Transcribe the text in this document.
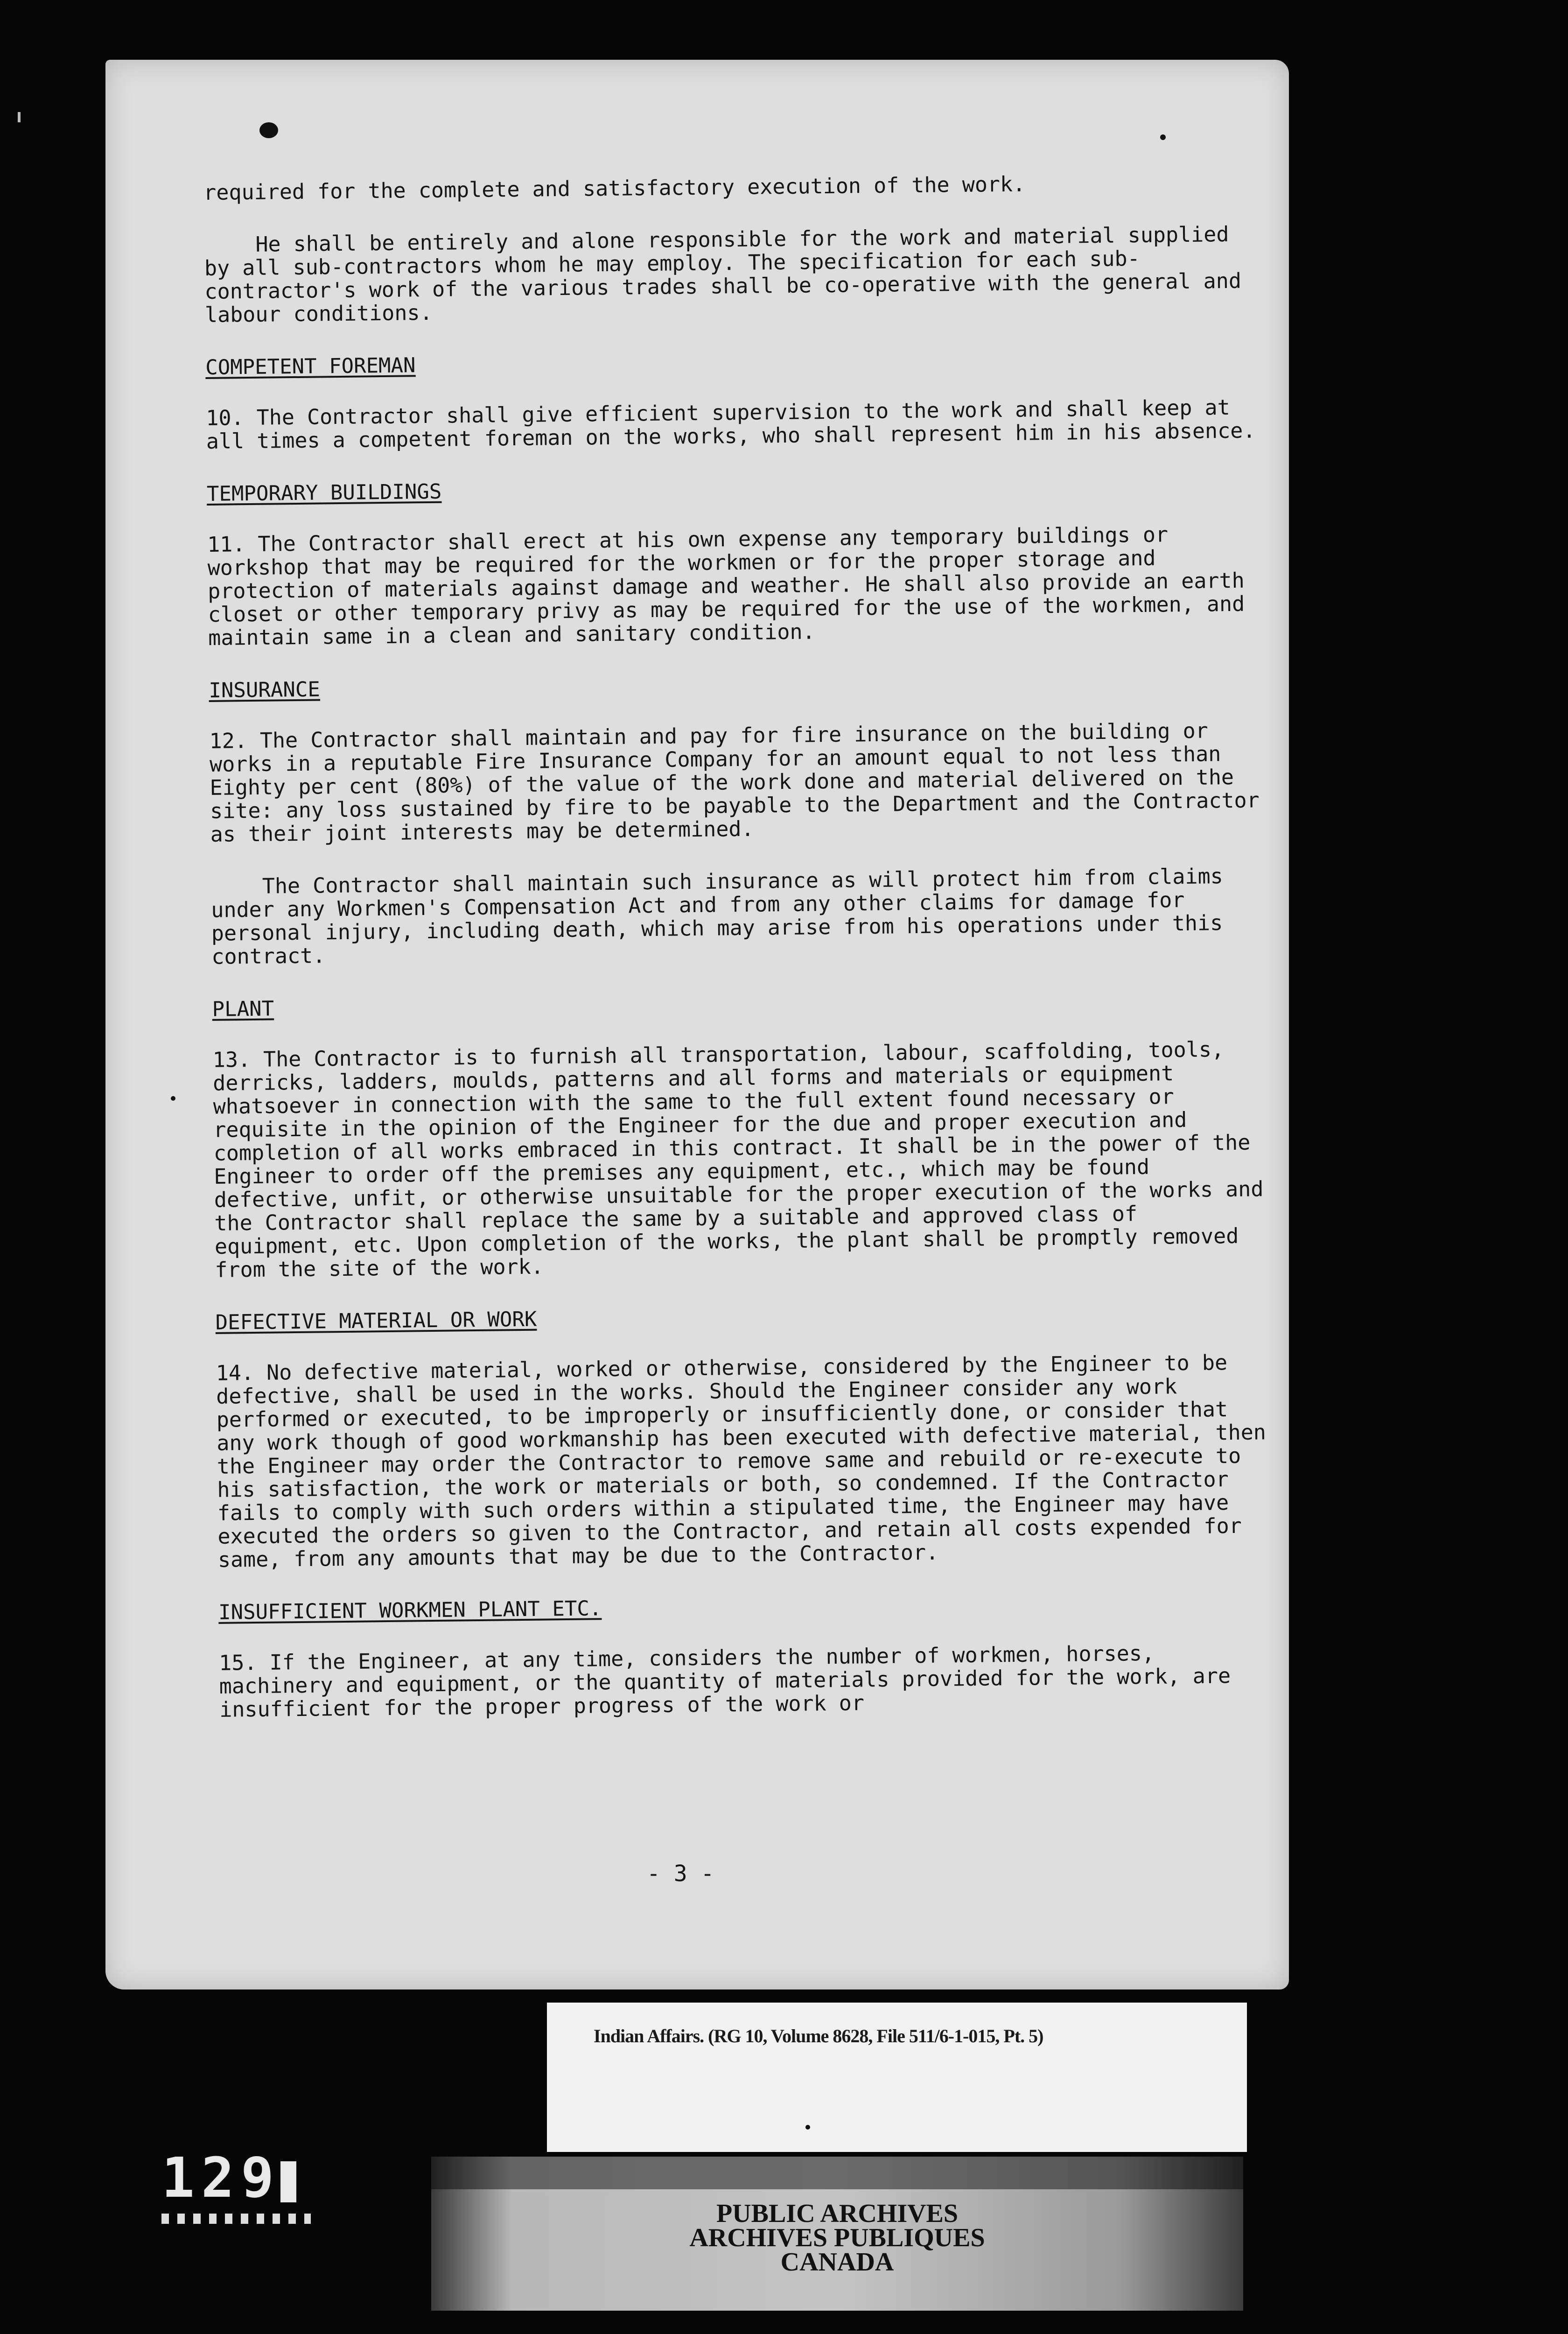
required for the complete and satisfactory execution of the work.

He shall be entirely and alone responsible for the work and material supplied by all sub-contractors whom he may employ. The specification for each sub-contractor's work of the various trades shall be co-operative with the general and labour conditions.

COMPETENT FOREMAN

10. The Contractor shall give efficient supervision to the work and shall keep at all times a competent foreman on the works, who shall represent him in his absence.

TEMPORARY BUILDINGS

11. The Contractor shall erect at his own expense any temporary buildings or workshop that may be required for the workmen or for the proper storage and protection of materials against damage and weather. He shall also provide an earth closet or other temporary privy as may be required for the use of the workmen, and maintain same in a clean and sanitary condition.

INSURANCE

12. The Contractor shall maintain and pay for fire insurance on the building or works in a reputable Fire Insurance Company for an amount equal to not less than Eighty per cent (80%) of the value of the work done and material delivered on the site: any loss sustained by fire to be payable to the Department and the Contractor as their joint interests may be determined.

The Contractor shall maintain such insurance as will protect him from claims under any Workmen's Compensation Act and from any other claims for damage for personal injury, including death, which may arise from his operations under this contract.

PLANT

13. The Contractor is to furnish all transportation, labour, scaffolding, tools, derricks, ladders, moulds, patterns and all forms and materials or equipment whatsoever in connection with the same to the full extent found necessary or requisite in the opinion of the Engineer for the due and proper execution and completion of all works embraced in this contract. It shall be in the power of the Engineer to order off the premises any equipment, etc., which may be found defective, unfit, or otherwise unsuitable for the proper execution of the works and the Contractor shall replace the same by a suitable and approved class of equipment, etc. Upon completion of the works, the plant shall be promptly removed from the site of the work.

DEFECTIVE MATERIAL OR WORK

14. No defective material, worked or otherwise, considered by the Engineer to be defective, shall be used in the works. Should the Engineer consider any work performed or executed, to be improperly or insufficiently done, or consider that any work though of good workmanship has been executed with defective material, then the Engineer may order the Contractor to remove same and rebuild or re-execute to his satisfaction, the work or materials or both, so condemned. If the Contractor fails to comply with such orders within a stipulated time, the Engineer may have executed the orders so given to the Contractor, and retain all costs expended for same, from any amounts that may be due to the Contractor.

INSUFFICIENT WORKMEN PLANT ETC.

15. If the Engineer, at any time, considers the number of workmen, horses, machinery and equipment, or the quantity of materials provided for the work, are insufficient for the proper progress of the work or

- 3 -
Indian Affairs. (RG 10, Volume 8628, File 511/6-1-015, Pt. 5)
129
PUBLIC ARCHIVES
ARCHIVES PUBLIQUES
CANADA
